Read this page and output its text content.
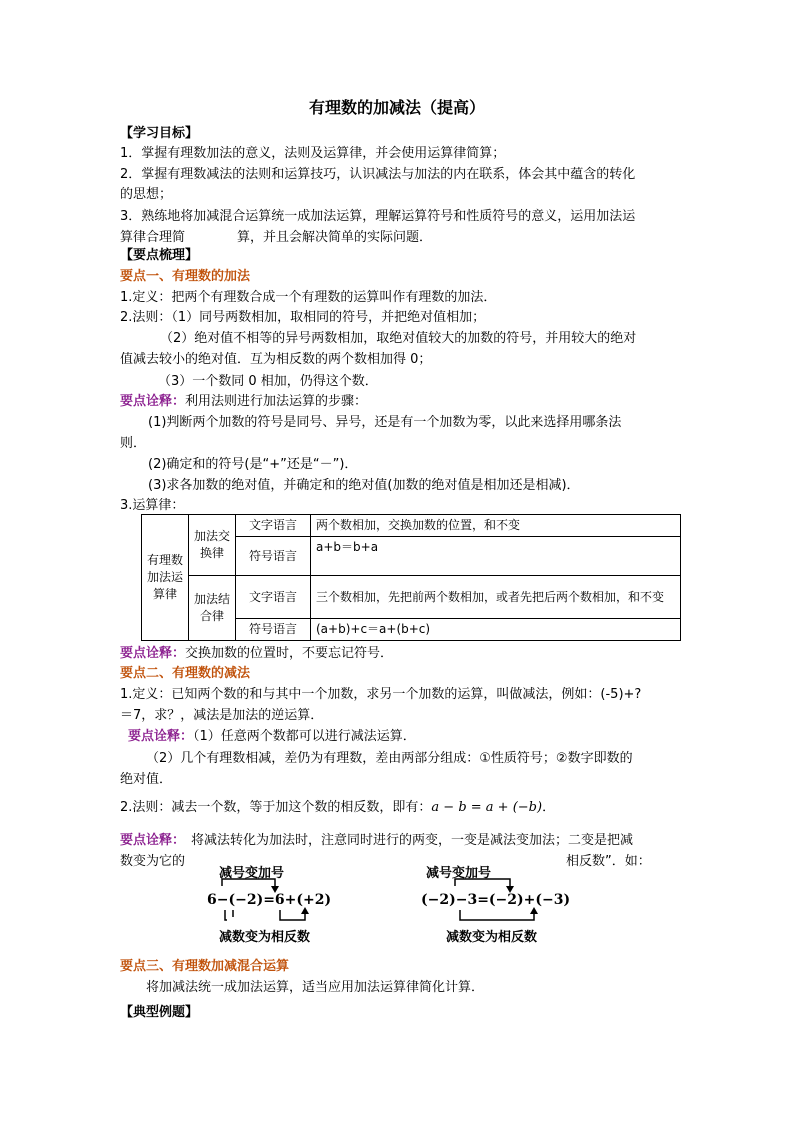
有理数的加减法（提高）
【学习目标】
1．掌握有理数加法的意义，法则及运算律，并会使用运算律简算；
2．掌握有理数减法的法则和运算技巧，认识减法与加法的内在联系，体会其中蕴含的转化
的思想；
3．熟练地将加减混合运算统一成加法运算，理解运算符号和性质符号的意义，运用加法运
算律合理简　　　　算，并且会解决简单的实际问题．
【要点梳理】
要点一、有理数的加法
1.定义：把两个有理数合成一个有理数的运算叫作有理数的加法．
2.法则：（1）同号两数相加，取相同的符号，并把绝对值相加；
（2）绝对值不相等的异号两数相加，取绝对值较大的加数的符号，并用较大的绝对
值减去较小的绝对值．互为相反数的两个数相加得 0；
（3）一个数同 0 相加，仍得这个数．
要点诠释：利用法则进行加法运算的步骤：
(1)判断两个加数的符号是同号、异号，还是有一个加数为零，以此来选择用哪条法
则．
(2)确定和的符号(是“+”还是“－”)．
(3)求各加数的绝对值，并确定和的绝对值(加数的绝对值是相加还是相减)．
3.运算律：
有理数加法运算律	加法交换律	文字语言	两个数相加，交换加数的位置，和不变
		符号语言	a+b＝b+a
	加法结合律	文字语言	三个数相加，先把前两个数相加，或者先把后两个数相加，和不变
		符号语言	(a+b)+c＝a+(b+c)
要点诠释：交换加数的位置时，不要忘记符号．
要点二、有理数的减法
1.定义：已知两个数的和与其中一个加数，求另一个加数的运算，叫做减法，例如：(-5)+?
＝7，求？，减法是加法的逆运算．
要点诠释：（1）任意两个数都可以进行减法运算．
（2）几个有理数相减，差仍为有理数，差由两部分组成：①性质符号；②数字即数的
绝对值．
2.法则：减去一个数，等于加这个数的相反数，即有：a − b = a + (−b)．
要点诠释： 将减法转化为加法时，注意同时进行的两变，一变是减法变加法；二变是把减
数变为它的	相反数”．如：
减号变加号
6−(−2)=6+(+2)
减数变为相反数
减号变加号
(−2)−3=(−2)+(−3)
减数变为相反数
要点三、有理数加减混合运算
将加减法统一成加法运算，适当应用加法运算律简化计算．
【典型例题】
